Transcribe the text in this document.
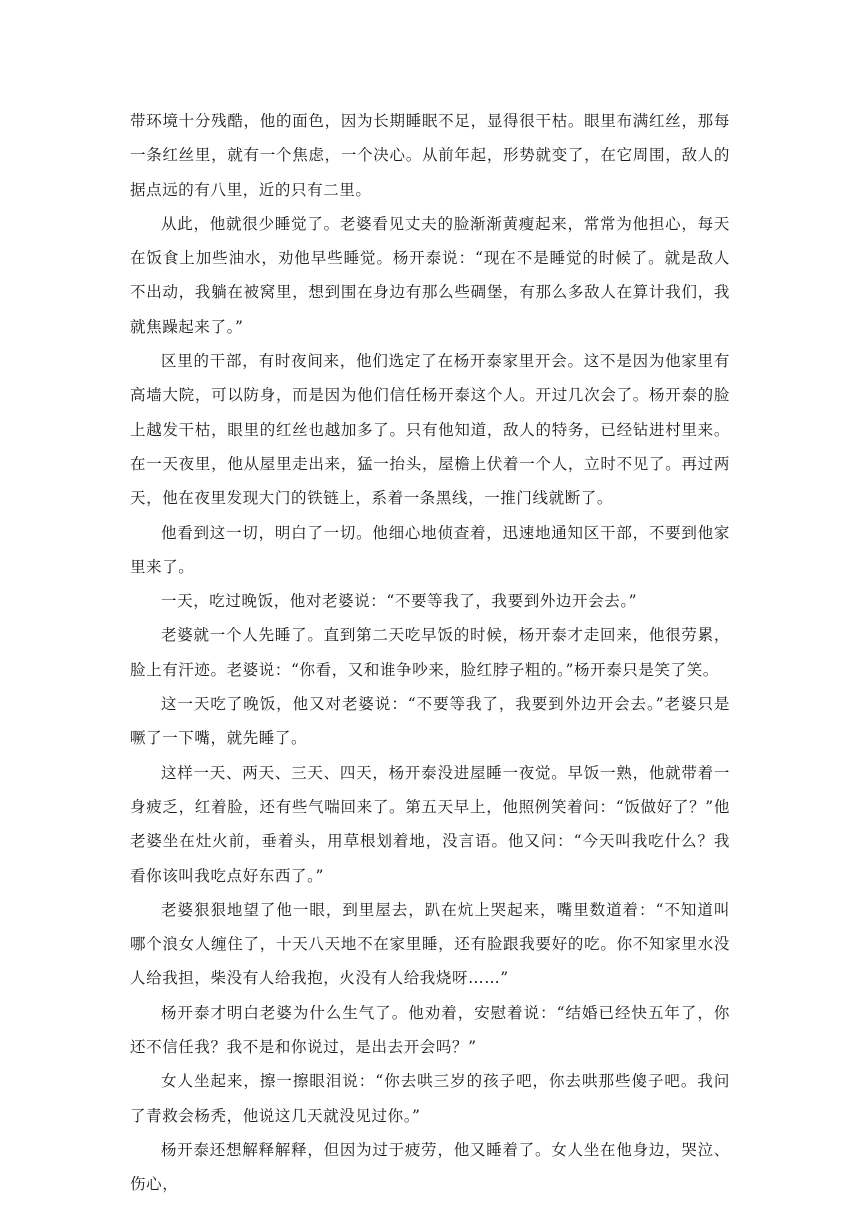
带环境十分残酷，他的面色，因为长期睡眠不足，显得很干枯。眼里布满红丝，那每一条红丝里，就有一个焦虑，一个决心。从前年起，形势就变了，在它周围，敌人的据点远的有八里，近的只有二里。

从此，他就很少睡觉了。老婆看见丈夫的脸渐渐黄瘦起来，常常为他担心，每天在饭食上加些油水，劝他早些睡觉。杨开泰说：“现在不是睡觉的时候了。就是敌人不出动，我躺在被窝里，想到围在身边有那么些碉堡，有那么多敌人在算计我们，我就焦躁起来了。”

区里的干部，有时夜间来，他们选定了在杨开泰家里开会。这不是因为他家里有高墙大院，可以防身，而是因为他们信任杨开泰这个人。开过几次会了。杨开泰的脸上越发干枯，眼里的红丝也越加多了。只有他知道，敌人的特务，已经钻进村里来。在一天夜里，他从屋里走出来，猛一抬头，屋檐上伏着一个人，立时不见了。再过两天，他在夜里发现大门的铁链上，系着一条黑线，一推门线就断了。

他看到这一切，明白了一切。他细心地侦查着，迅速地通知区干部，不要到他家里来了。

一天，吃过晚饭，他对老婆说：“不要等我了，我要到外边开会去。”

老婆就一个人先睡了。直到第二天吃早饭的时候，杨开泰才走回来，他很劳累，脸上有汗迹。老婆说：“你看，又和谁争吵来，脸红脖子粗的。”杨开泰只是笑了笑。

这一天吃了晚饭，他又对老婆说：“不要等我了，我要到外边开会去。”老婆只是噘了一下嘴，就先睡了。

这样一天、两天、三天、四天，杨开泰没进屋睡一夜觉。早饭一熟，他就带着一身疲乏，红着脸，还有些气喘回来了。第五天早上，他照例笑着问：“饭做好了？”他老婆坐在灶火前，垂着头，用草根划着地，没言语。他又问：“今天叫我吃什么？我看你该叫我吃点好东西了。”

老婆狠狠地望了他一眼，到里屋去，趴在炕上哭起来，嘴里数道着：“不知道叫哪个浪女人缠住了，十天八天地不在家里睡，还有脸跟我要好的吃。你不知家里水没人给我担，柴没有人给我抱，火没有人给我烧呀……”

杨开泰才明白老婆为什么生气了。他劝着，安慰着说：“结婚已经快五年了，你还不信任我？我不是和你说过，是出去开会吗？”

女人坐起来，擦一擦眼泪说：“你去哄三岁的孩子吧，你去哄那些傻子吧。我问了青救会杨秃，他说这几天就没见过你。”

杨开泰还想解释解释，但因为过于疲劳，他又睡着了。女人坐在他身边，哭泣、伤心，
